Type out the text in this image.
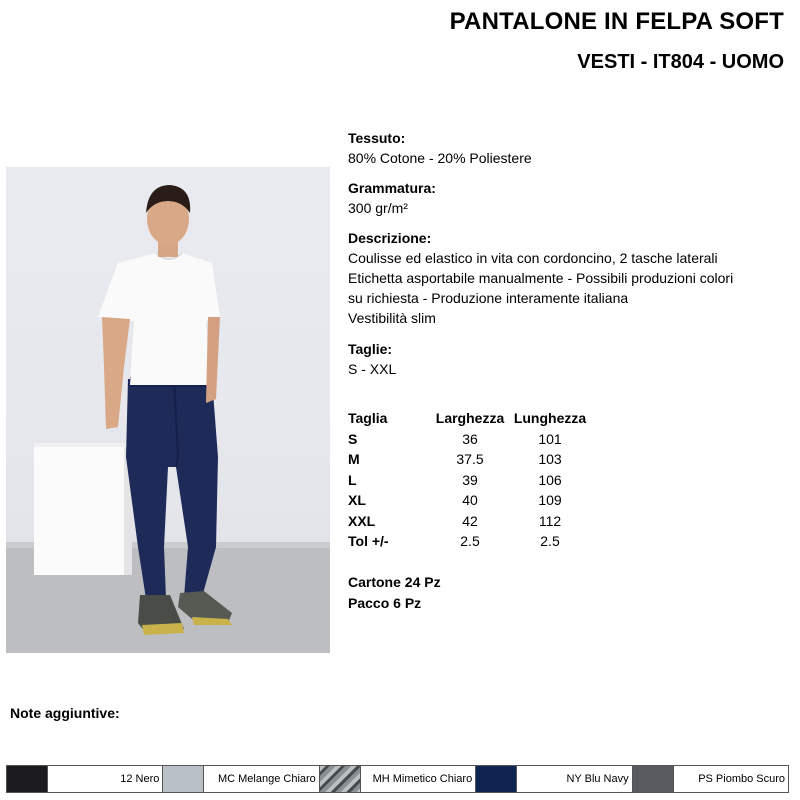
PANTALONE IN FELPA SOFT
VESTI - IT804 - UOMO
Tessuto:
80% Cotone - 20% Poliestere
Grammatura:
300 gr/m²
Descrizione:
Coulisse ed elastico in vita con cordoncino, 2 tasche laterali
Etichetta asportabile manualmente - Possibili produzioni colori
su richiesta - Produzione interamente italiana
Vestibilità slim
Taglie:
S - XXL
Taglia	Larghezza	Lunghezza
S	36	101
M	37.5	103
L	39	106
XL	40	109
XXL	42	112
Tol +/-	2.5	2.5
Cartone 24 Pz
Pacco 6 Pz
Note aggiuntive:
12 Nero	MC Melange Chiaro	MH Mimetico Chiaro	NY Blu Navy	PS Piombo Scuro
